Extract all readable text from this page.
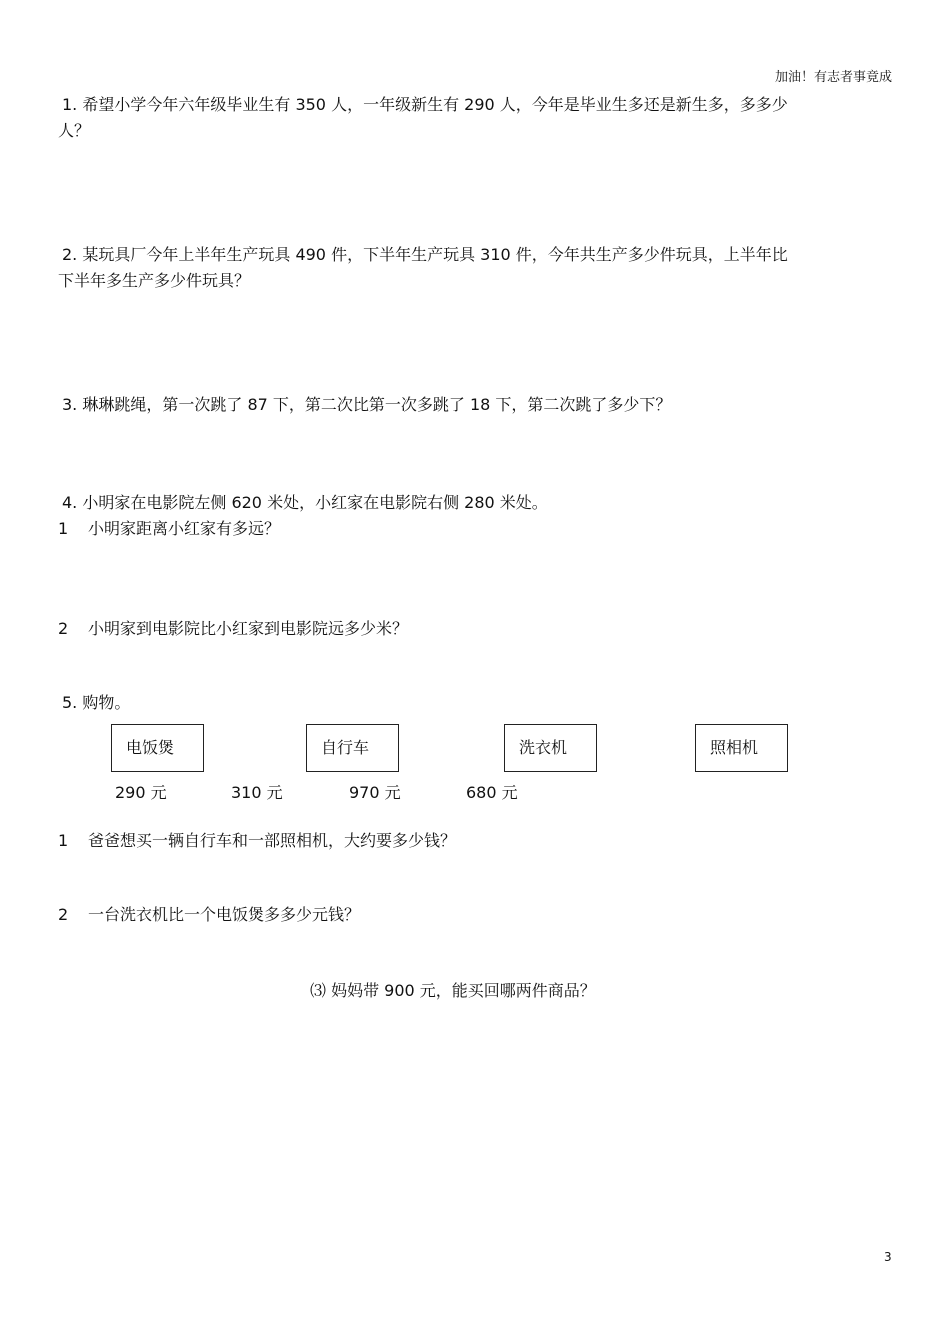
加油！有志者事竟成
1. 希望小学今年六年级毕业生有 350 人，一年级新生有 290 人，今年是毕业生多还是新生多，多多少
人？
2. 某玩具厂今年上半年生产玩具 490 件，下半年生产玩具 310 件，今年共生产多少件玩具，上半年比
下半年多生产多少件玩具？
3. 琳琳跳绳，第一次跳了 87 下，第二次比第一次多跳了 18 下，第二次跳了多少下？
4. 小明家在电影院左侧 620 米处，小红家在电影院右侧 280 米处。
1 小明家距离小红家有多远？
2 小明家到电影院比小红家到电影院远多少米？
5. 购物。
电饭煲	自行车	洗衣机	照相机
290 元	310 元	970 元	680 元
1 爸爸想买一辆自行车和一部照相机，大约要多少钱？
2 一台洗衣机比一个电饭煲多多少元钱？
⑶ 妈妈带 900 元，能买回哪两件商品？
3
